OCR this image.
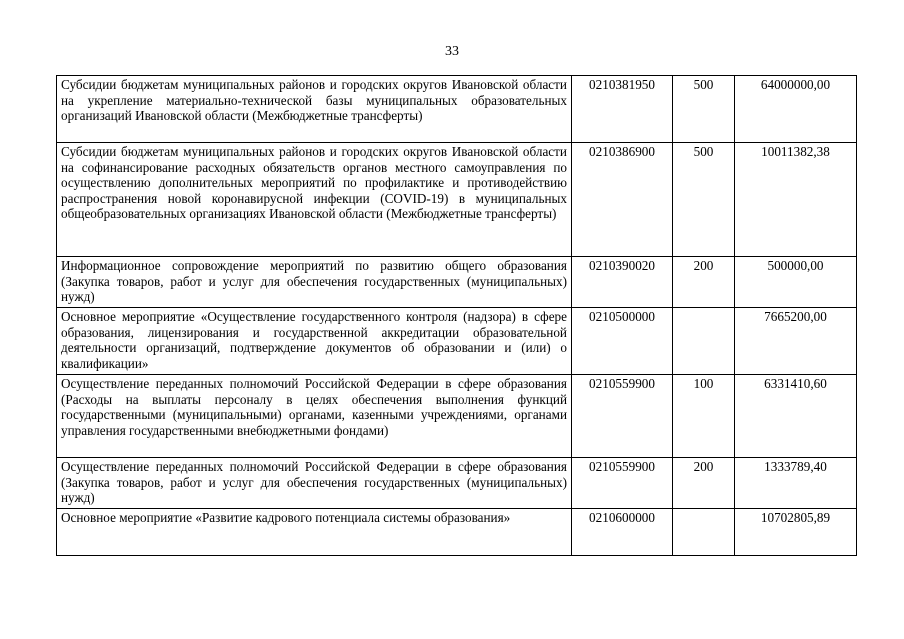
33
Субсидии бюджетам муниципальных районов и городских округов Ивановской области на укрепление материально-технической базы муниципальных образовательных организаций Ивановской области (Межбюджетные трансферты)	0210381950	500	64000000,00
Субсидии бюджетам муниципальных районов и городских округов Ивановской области на софинансирование расходных обязательств органов местного самоуправления по осуществлению дополнительных мероприятий по профилактике и противодействию распространения новой коронавирусной инфекции (COVID-19) в муниципальных общеобразовательных организациях Ивановской области (Межбюджетные трансферты)	0210386900	500	10011382,38
Информационное сопровождение мероприятий по развитию общего образования (Закупка товаров, работ и услуг для обеспечения государственных (муниципальных) нужд)	0210390020	200	500000,00
Основное мероприятие «Осуществление государственного контроля (надзора) в сфере образования, лицензирования и государственной аккредитации образовательной деятельности организаций, подтверждение документов об образовании и (или) о квалификации»	0210500000		7665200,00
Осуществление переданных полномочий Российской Федерации в сфере образования (Расходы на выплаты персоналу в целях обеспечения выполнения функций государственными (муниципальными) органами, казенными учреждениями, органами управления государственными внебюджетными фондами)	0210559900	100	6331410,60
Осуществление переданных полномочий Российской Федерации в сфере образования (Закупка товаров, работ и услуг для обеспечения государственных (муниципальных) нужд)	0210559900	200	1333789,40
Основное мероприятие «Развитие кадрового потенциала системы образования»	0210600000		10702805,89
